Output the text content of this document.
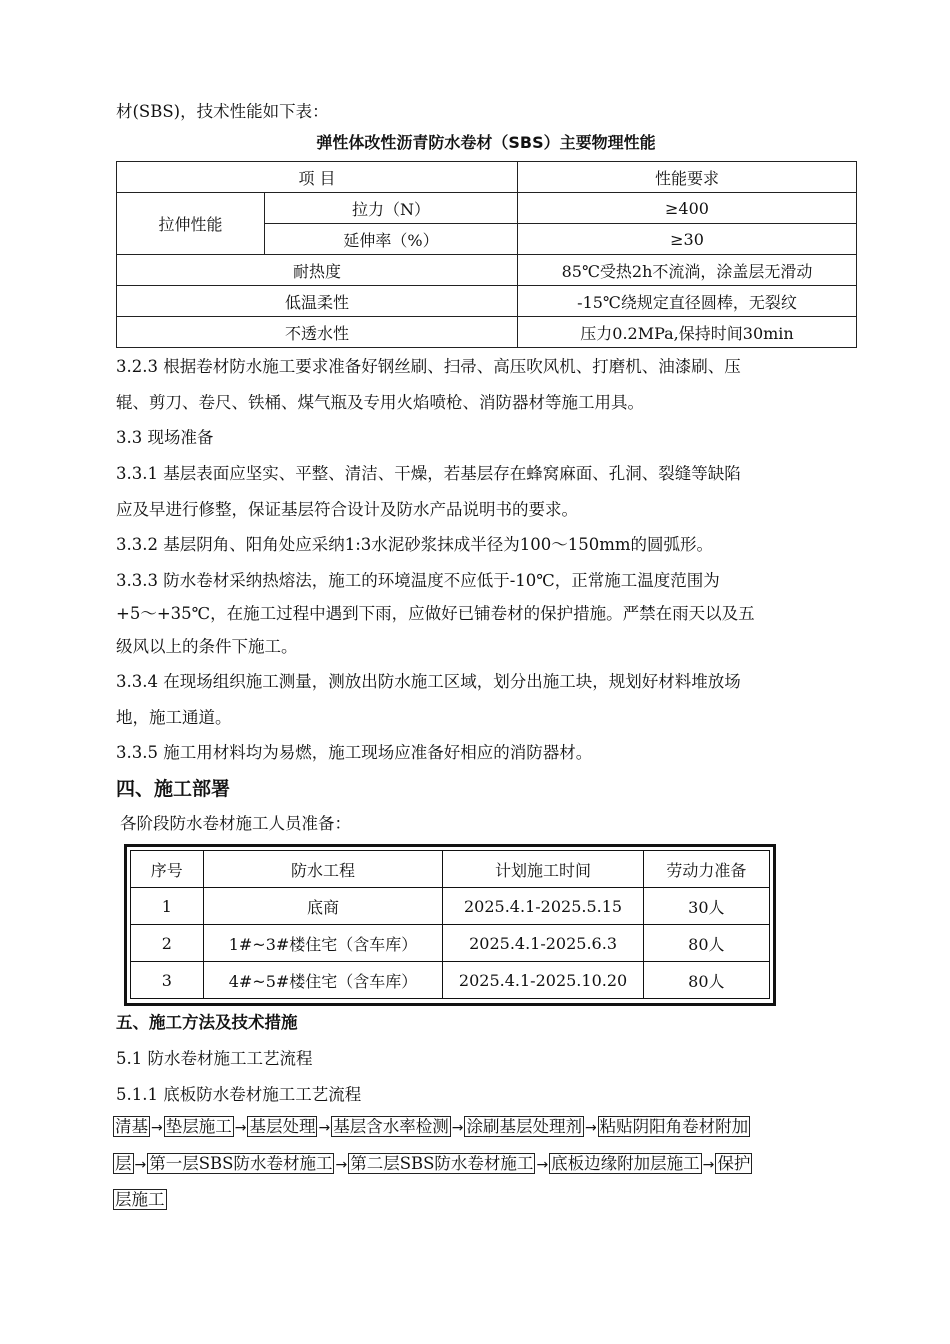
材(SBS)，技术性能如下表：
弹性体改性沥青防水卷材（SBS）主要物理性能
项 目		性能要求
拉伸性能	拉力（N）	≥400
	延伸率（%）	≥30
耐热度		85℃受热2h不流淌，涂盖层无滑动
低温柔性		-15℃绕规定直径圆棒，无裂纹
不透水性		压力0.2MPa,保持时间30min
3.2.3 根据卷材防水施工要求准备好钢丝刷、扫帚、高压吹风机、打磨机、油漆刷、压
辊、剪刀、卷尺、铁桶、煤气瓶及专用火焰喷枪、消防器材等施工用具。
3.3 现场准备
3.3.1 基层表面应坚实、平整、清洁、干燥，若基层存在蜂窝麻面、孔洞、裂缝等缺陷
应及早进行修整，保证基层符合设计及防水产品说明书的要求。
3.3.2 基层阴角、阳角处应采纳1:3水泥砂浆抹成半径为100～150mm的圆弧形。
3.3.3 防水卷材采纳热熔法，施工的环境温度不应低于-10℃，正常施工温度范围为
+5～+35℃，在施工过程中遇到下雨，应做好已铺卷材的保护措施。严禁在雨天以及五
级风以上的条件下施工。
3.3.4 在现场组织施工测量，测放出防水施工区域，划分出施工块，规划好材料堆放场
地，施工通道。
3.3.5 施工用材料均为易燃，施工现场应准备好相应的消防器材。
四、施工部署
各阶段防水卷材施工人员准备：
序号	防水工程	计划施工时间	劳动力准备
1	底商	2025.4.1-2025.5.15	30人
2	1#~3#楼住宅（含车库）	2025.4.1-2025.6.3	80人
3	4#~5#楼住宅（含车库）	2025.4.1-2025.10.20	80人
五、施工方法及技术措施
5.1 防水卷材施工工艺流程
5.1.1 底板防水卷材施工工艺流程
清基 → 垫层施工 → 基层处理 → 基层含水率检测 → 涂刷基层处理剂 → 粘贴阴阳角卷材附加
层 → 第一层SBS防水卷材施工 → 第二层SBS防水卷材施工 → 底板边缘附加层施工 → 保护
层施工
